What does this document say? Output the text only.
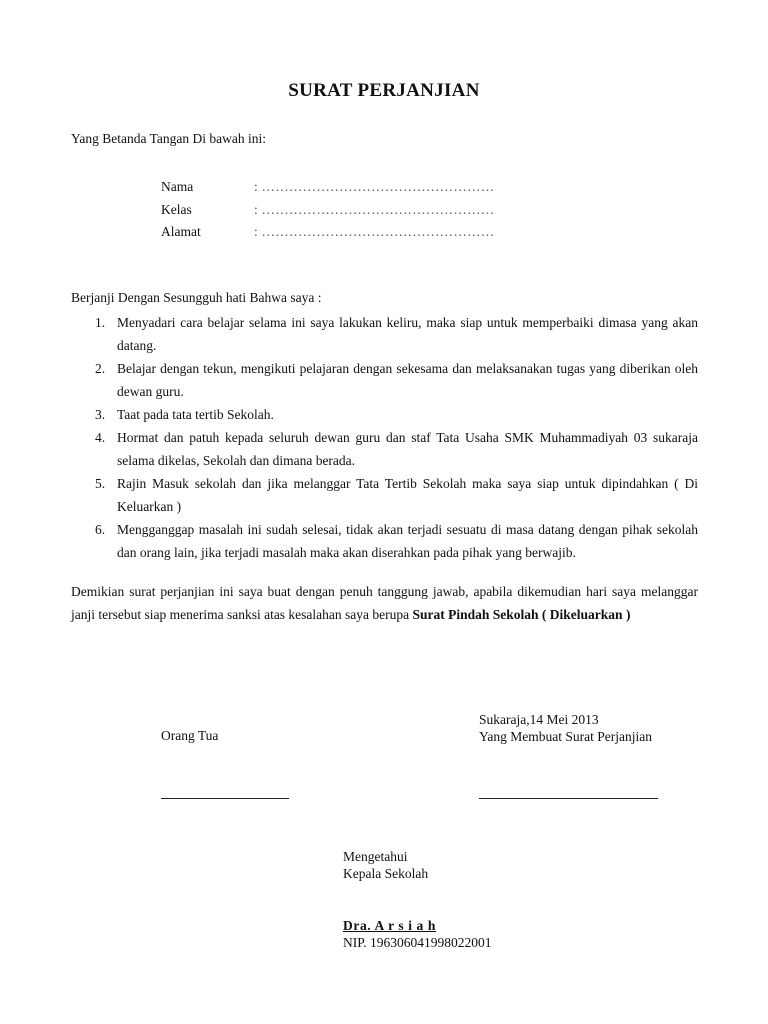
SURAT PERJANJIAN
Yang Betanda Tangan Di bawah ini:
Nama	: ……………………………………………
Kelas	: ……………………………………………
Alamat	: ……………………………………………
Berjanji Dengan Sesungguh hati Bahwa saya :
1. Menyadari cara belajar selama ini saya lakukan keliru, maka siap untuk memperbaiki dimasa yang akan datang.
2. Belajar dengan tekun, mengikuti pelajaran dengan sekesama dan melaksanakan tugas yang diberikan oleh dewan guru.
3. Taat pada tata tertib Sekolah.
4. Hormat dan patuh kepada seluruh dewan guru dan staf Tata Usaha SMK Muhammadiyah 03 sukaraja selama dikelas, Sekolah dan dimana berada.
5. Rajin Masuk sekolah dan jika melanggar Tata Tertib Sekolah maka saya siap untuk dipindahkan ( Di Keluarkan )
6. Mengganggap masalah ini sudah selesai, tidak akan terjadi sesuatu di masa datang dengan pihak sekolah dan orang lain, jika terjadi masalah maka akan diserahkan pada pihak yang berwajib.
Demikian surat perjanjian ini saya buat dengan penuh tanggung jawab, apabila dikemudian hari saya melanggar janji tersebut siap menerima sanksi atas kesalahan saya berupa Surat Pindah Sekolah ( Dikeluarkan )
Sukaraja,14 Mei 2013
Yang Membuat Surat Perjanjian
Orang Tua
Mengetahui
Kepala Sekolah
Dra. A r s i a h
NIP. 196306041998022001
